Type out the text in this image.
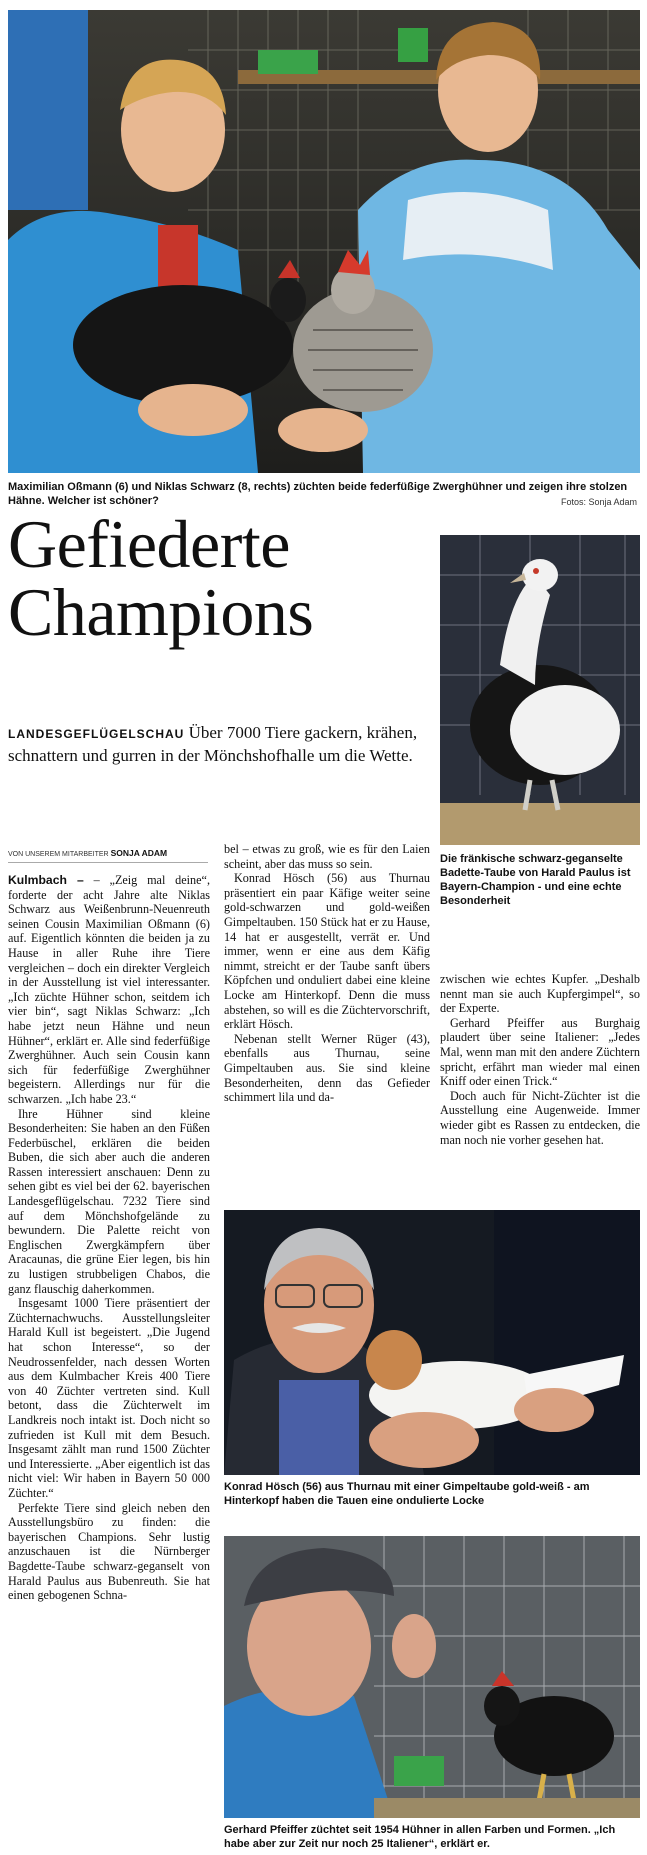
Maximilian Oßmann (6) und Niklas Schwarz (8, rechts) züchten beide federfüßige Zwerghühner und zeigen ihre stolzen Hähne. Welcher ist schöner?	Fotos: Sonja Adam
Gefiederte
Champions
LANDESGEFLÜGELSCHAU Über 7000 Tiere gackern, krähen, schnattern und gurren in der Mönchshofhalle um die Wette.
Die fränkische schwarz-geganselte Badette-Taube von Harald Paulus ist Bayern-Champion - und eine echte Besonderheit
VON UNSEREM MITARBEITER SONJA ADAM

Kulmbach – – „Zeig mal deine“, forderte der acht Jahre alte Niklas Schwarz aus Weißenbrunn-Neuenreuth seinen Cousin Maximilian Oßmann (6) auf. Eigentlich könnten die beiden ja zu Hause in aller Ruhe ihre Tiere vergleichen – doch ein direkter Vergleich in der Ausstellung ist viel interessanter. „Ich züchte Hühner schon, seitdem ich vier bin“, sagt Niklas Schwarz: „Ich habe jetzt neun Hähne und neun Hühner“, erklärt er. Alle sind federfüßige Zwerghühner. Auch sein Cousin kann sich für federfüßige Zwerghühner begeistern. Allerdings nur für die schwarzen. „Ich habe 23.“

Ihre Hühner sind kleine Besonderheiten: Sie haben an den Füßen Federbüschel, erklären die beiden Buben, die sich aber auch die anderen Rassen interessiert anschauen: Denn zu sehen gibt es viel bei der 62. bayerischen Landesgeflügelschau. 7232 Tiere sind auf dem Mönchshofgelände zu bewundern. Die Palette reicht von Englischen Zwergkämpfern über Aracaunas, die grüne Eier legen, bis hin zu lustigen strubbeligen Chabos, die ganz flauschig daherkommen.

Insgesamt 1000 Tiere präsentiert der Züchternachwuchs. Ausstellungsleiter Harald Kull ist begeistert. „Die Jugend hat schon Interesse“, so der Neudrossenfelder, nach dessen Worten aus dem Kulmbacher Kreis 400 Tiere von 40 Züchter vertreten sind. Kull betont, dass die Züchterwelt im Landkreis noch intakt ist. Doch nicht so zufrieden ist Kull mit dem Besuch. Insgesamt zählt man rund 1500 Züchter und Interessierte. „Aber eigentlich ist das nicht viel: Wir haben in Bayern 50 000 Züchter.“

Perfekte Tiere sind gleich neben den Ausstellungsbüro zu finden: die bayerischen Champions. Sehr lustig anzuschauen ist die Nürnberger Bagdette-Taube schwarz-geganselt von Harald Paulus aus Bubenreuth. Sie hat einen gebogenen Schna-

bel – etwas zu groß, wie es für den Laien scheint, aber das muss so sein.

Konrad Hösch (56) aus Thurnau präsentiert ein paar Käfige weiter seine gold-schwarzen und gold-weißen Gimpeltauben. 150 Stück hat er zu Hause, 14 hat er ausgestellt, verrät er. Und immer, wenn er eine aus dem Käfig nimmt, streicht er der Taube sanft übers Köpfchen und onduliert dabei eine kleine Locke am Hinterkopf. Denn die muss abstehen, so will es die Züchtervorschrift, erklärt Hösch.

Nebenan stellt Werner Rüger (43), ebenfalls aus Thurnau, seine Gimpeltauben aus. Sie sind kleine Besonderheiten, denn das Gefieder schimmert lila und da-

zwischen wie echtes Kupfer. „Deshalb nennt man sie auch Kupfergimpel“, so der Experte.

Gerhard Pfeiffer aus Burghaig plaudert über seine Italiener: „Jedes Mal, wenn man mit den andere Züchtern spricht, erfährt man wieder mal einen Kniff oder einen Trick.“

Doch auch für Nicht-Züchter ist die Ausstellung eine Augenweide. Immer wieder gibt es Rassen zu entdecken, die man noch nie vorher gesehen hat.

Konrad Hösch (56) aus Thurnau mit einer Gimpeltaube gold-weiß - am Hinterkopf haben die Tauen eine ondulierte Locke
Gerhard Pfeiffer züchtet seit 1954 Hühner in allen Farben und Formen. „Ich habe aber zur Zeit nur noch 25 Italiener“, erklärt er.
